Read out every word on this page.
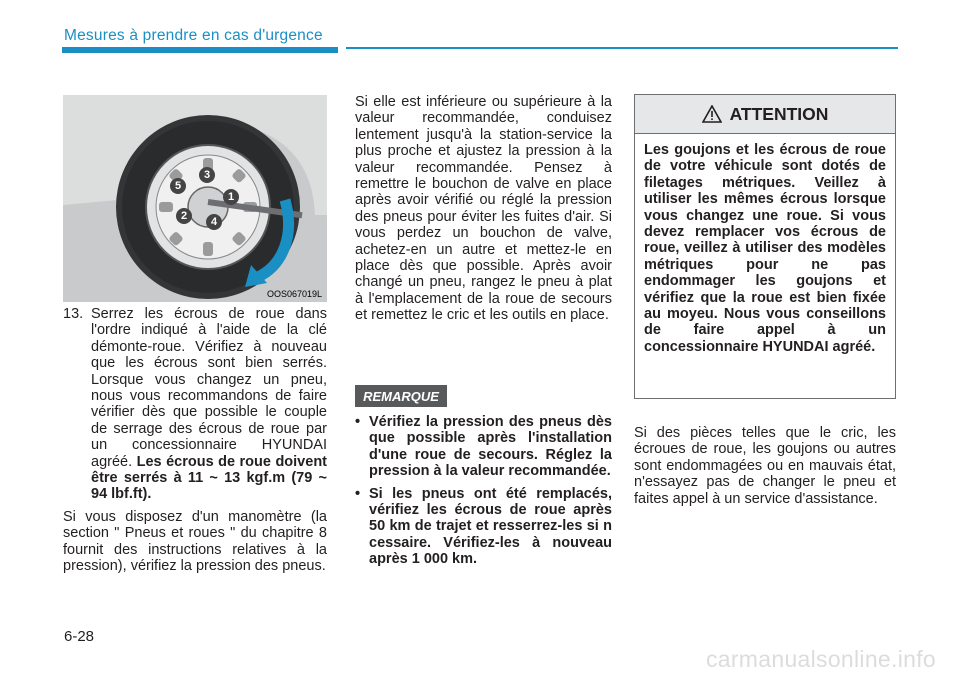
Mesures à prendre en cas d'urgence
5
3
1
2	4
OOS067019L
13. Serrez les écrous de roue dans l'ordre indiqué à l'aide de la clé démonte-roue. Vérifiez à nouveau que les écrous sont bien serrés. Lorsque vous changez un pneu, nous vous recommandons de faire vérifier dès que possible le couple de serrage des écrous de roue par un concessionnaire HYUNDAI agréé. Les écrous de roue doivent être serrés à 11 ~ 13 kgf.m (79 ~ 94 lbf.ft).

Si vous disposez d'un manomètre (la section " Pneus et roues " du chapitre 8 fournit des instructions relatives à la pression), vérifiez la pression des pneus.

Si elle est inférieure ou supérieure à la valeur recommandée, conduisez lentement jusqu'à la station-service la plus proche et ajustez la pression à la valeur recommandée. Pensez à remettre le bouchon de valve en place après avoir vérifié ou réglé la pression des pneus pour éviter les fuites d'air. Si vous perdez un bouchon de valve, achetez-en un autre et mettez-le en place dès que possible. Après avoir changé un pneu, rangez le pneu à plat à l'emplacement de la roue de secours et remettez le cric et les outils en place.

REMARQUE
• Vérifiez la pression des pneus dès que possible après l'installation d'une roue de secours. Réglez la pression à la valeur recommandée.
• Si les pneus ont été remplacés, vérifiez les écrous de roue après 50 km de trajet et resserrez-les si n cessaire. Vérifiez-les à nouveau après 1 000 km.
ATTENTION
Les goujons et les écrous de roue de votre véhicule sont dotés de filetages métriques. Veillez à utiliser les mêmes écrous lorsque vous changez une roue. Si vous devez remplacer vos écrous de roue, veillez à utiliser des modèles métriques pour ne pas endommager les goujons et vérifiez que la roue est bien fixée au moyeu. Nous vous conseillons de faire appel à un concessionnaire HYUNDAI agréé.

Si des pièces telles que le cric, les écroues de roue, les goujons ou autres sont endommagées ou en mauvais état, n'essayez pas de changer le pneu et faites appel à un service d'assistance.

6-28
carmanualsonline.info
